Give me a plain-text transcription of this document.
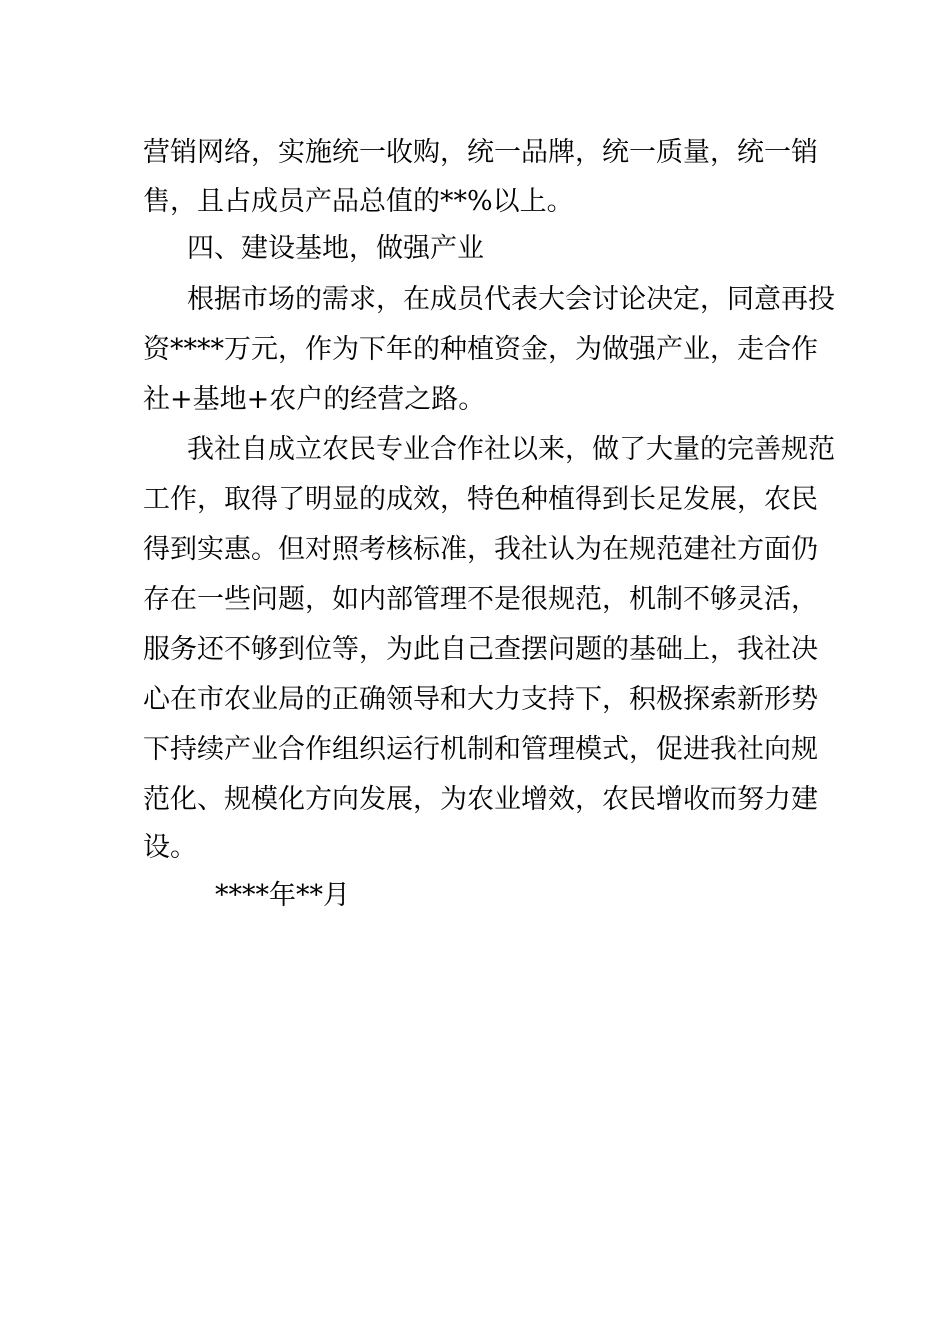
营销网络，实施统一收购，统一品牌，统一质量，统一销
售，且占成员产品总值的**%以上。
四、建设基地，做强产业
根据市场的需求，在成员代表大会讨论决定，同意再投
资****万元，作为下年的种植资金，为做强产业，走合作
社+基地+农户的经营之路。
我社自成立农民专业合作社以来，做了大量的完善规范
工作，取得了明显的成效，特色种植得到长足发展，农民
得到实惠。但对照考核标准，我社认为在规范建社方面仍
存在一些问题，如内部管理不是很规范，机制不够灵活，
服务还不够到位等，为此自己查摆问题的基础上，我社决
心在市农业局的正确领导和大力支持下，积极探索新形势
下持续产业合作组织运行机制和管理模式，促进我社向规
范化、规模化方向发展，为农业增效，农民增收而努力建
设。
****年**月
